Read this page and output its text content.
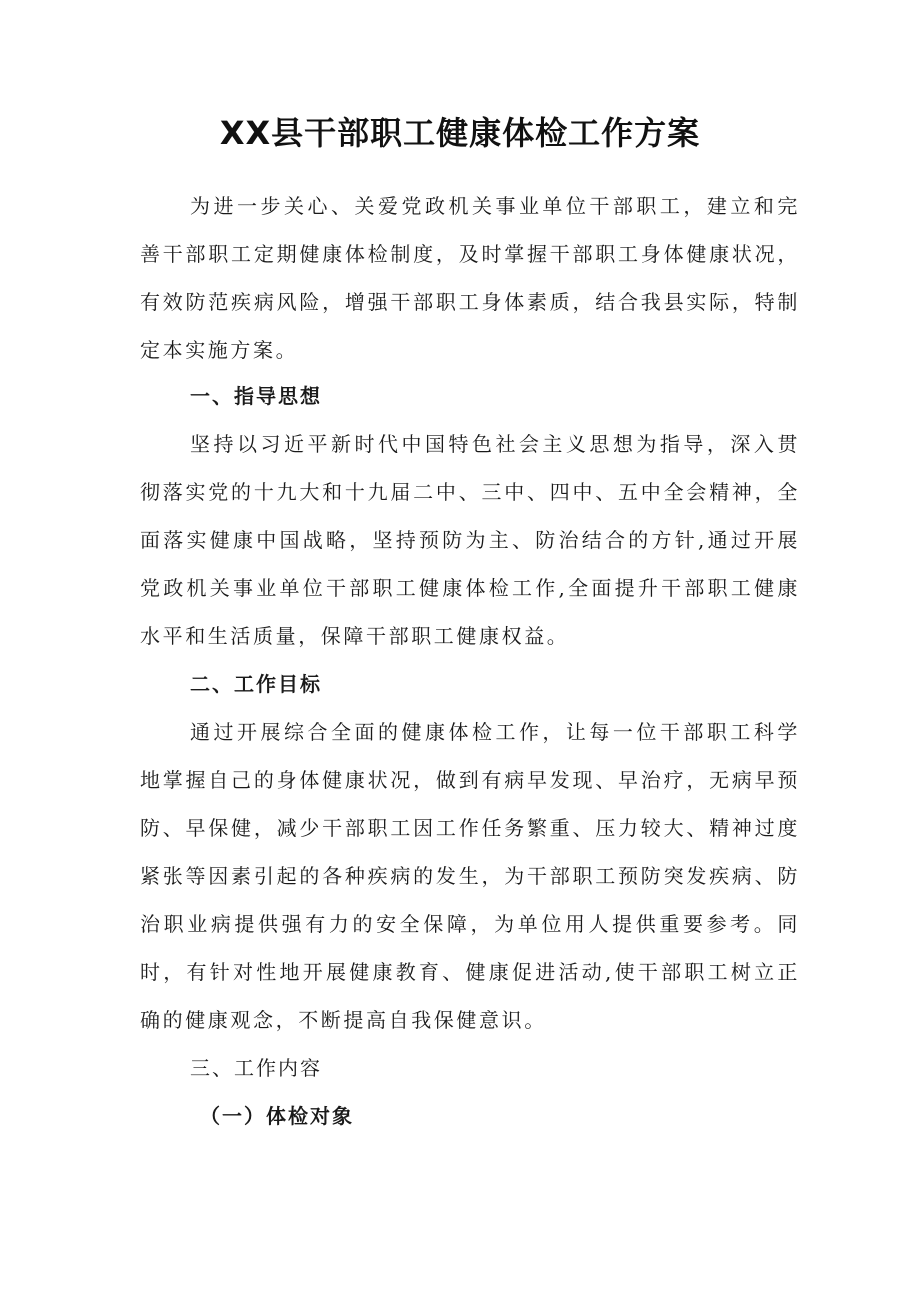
XX县干部职工健康体检工作方案
为进一步关心、关爱党政机关事业单位干部职工，建立和完善干部职工定期健康体检制度，及时掌握干部职工身体健康状况，有效防范疾病风险，增强干部职工身体素质，结合我县实际，特制定本实施方案。
一、指导思想
坚持以习近平新时代中国特色社会主义思想为指导，深入贯彻落实党的十九大和十九届二中、三中、四中、五中全会精神，全面落实健康中国战略，坚持预防为主、防治结合的方针,通过开展党政机关事业单位干部职工健康体检工作,全面提升干部职工健康水平和生活质量，保障干部职工健康权益。
二、工作目标
通过开展综合全面的健康体检工作，让每一位干部职工科学地掌握自己的身体健康状况，做到有病早发现、早治疗，无病早预防、早保健，减少干部职工因工作任务繁重、压力较大、精神过度紧张等因素引起的各种疾病的发生，为干部职工预防突发疾病、防治职业病提供强有力的安全保障，为单位用人提供重要参考。同时，有针对性地开展健康教育、健康促进活动,使干部职工树立正确的健康观念，不断提高自我保健意识。
三、工作内容
（一）体检对象
